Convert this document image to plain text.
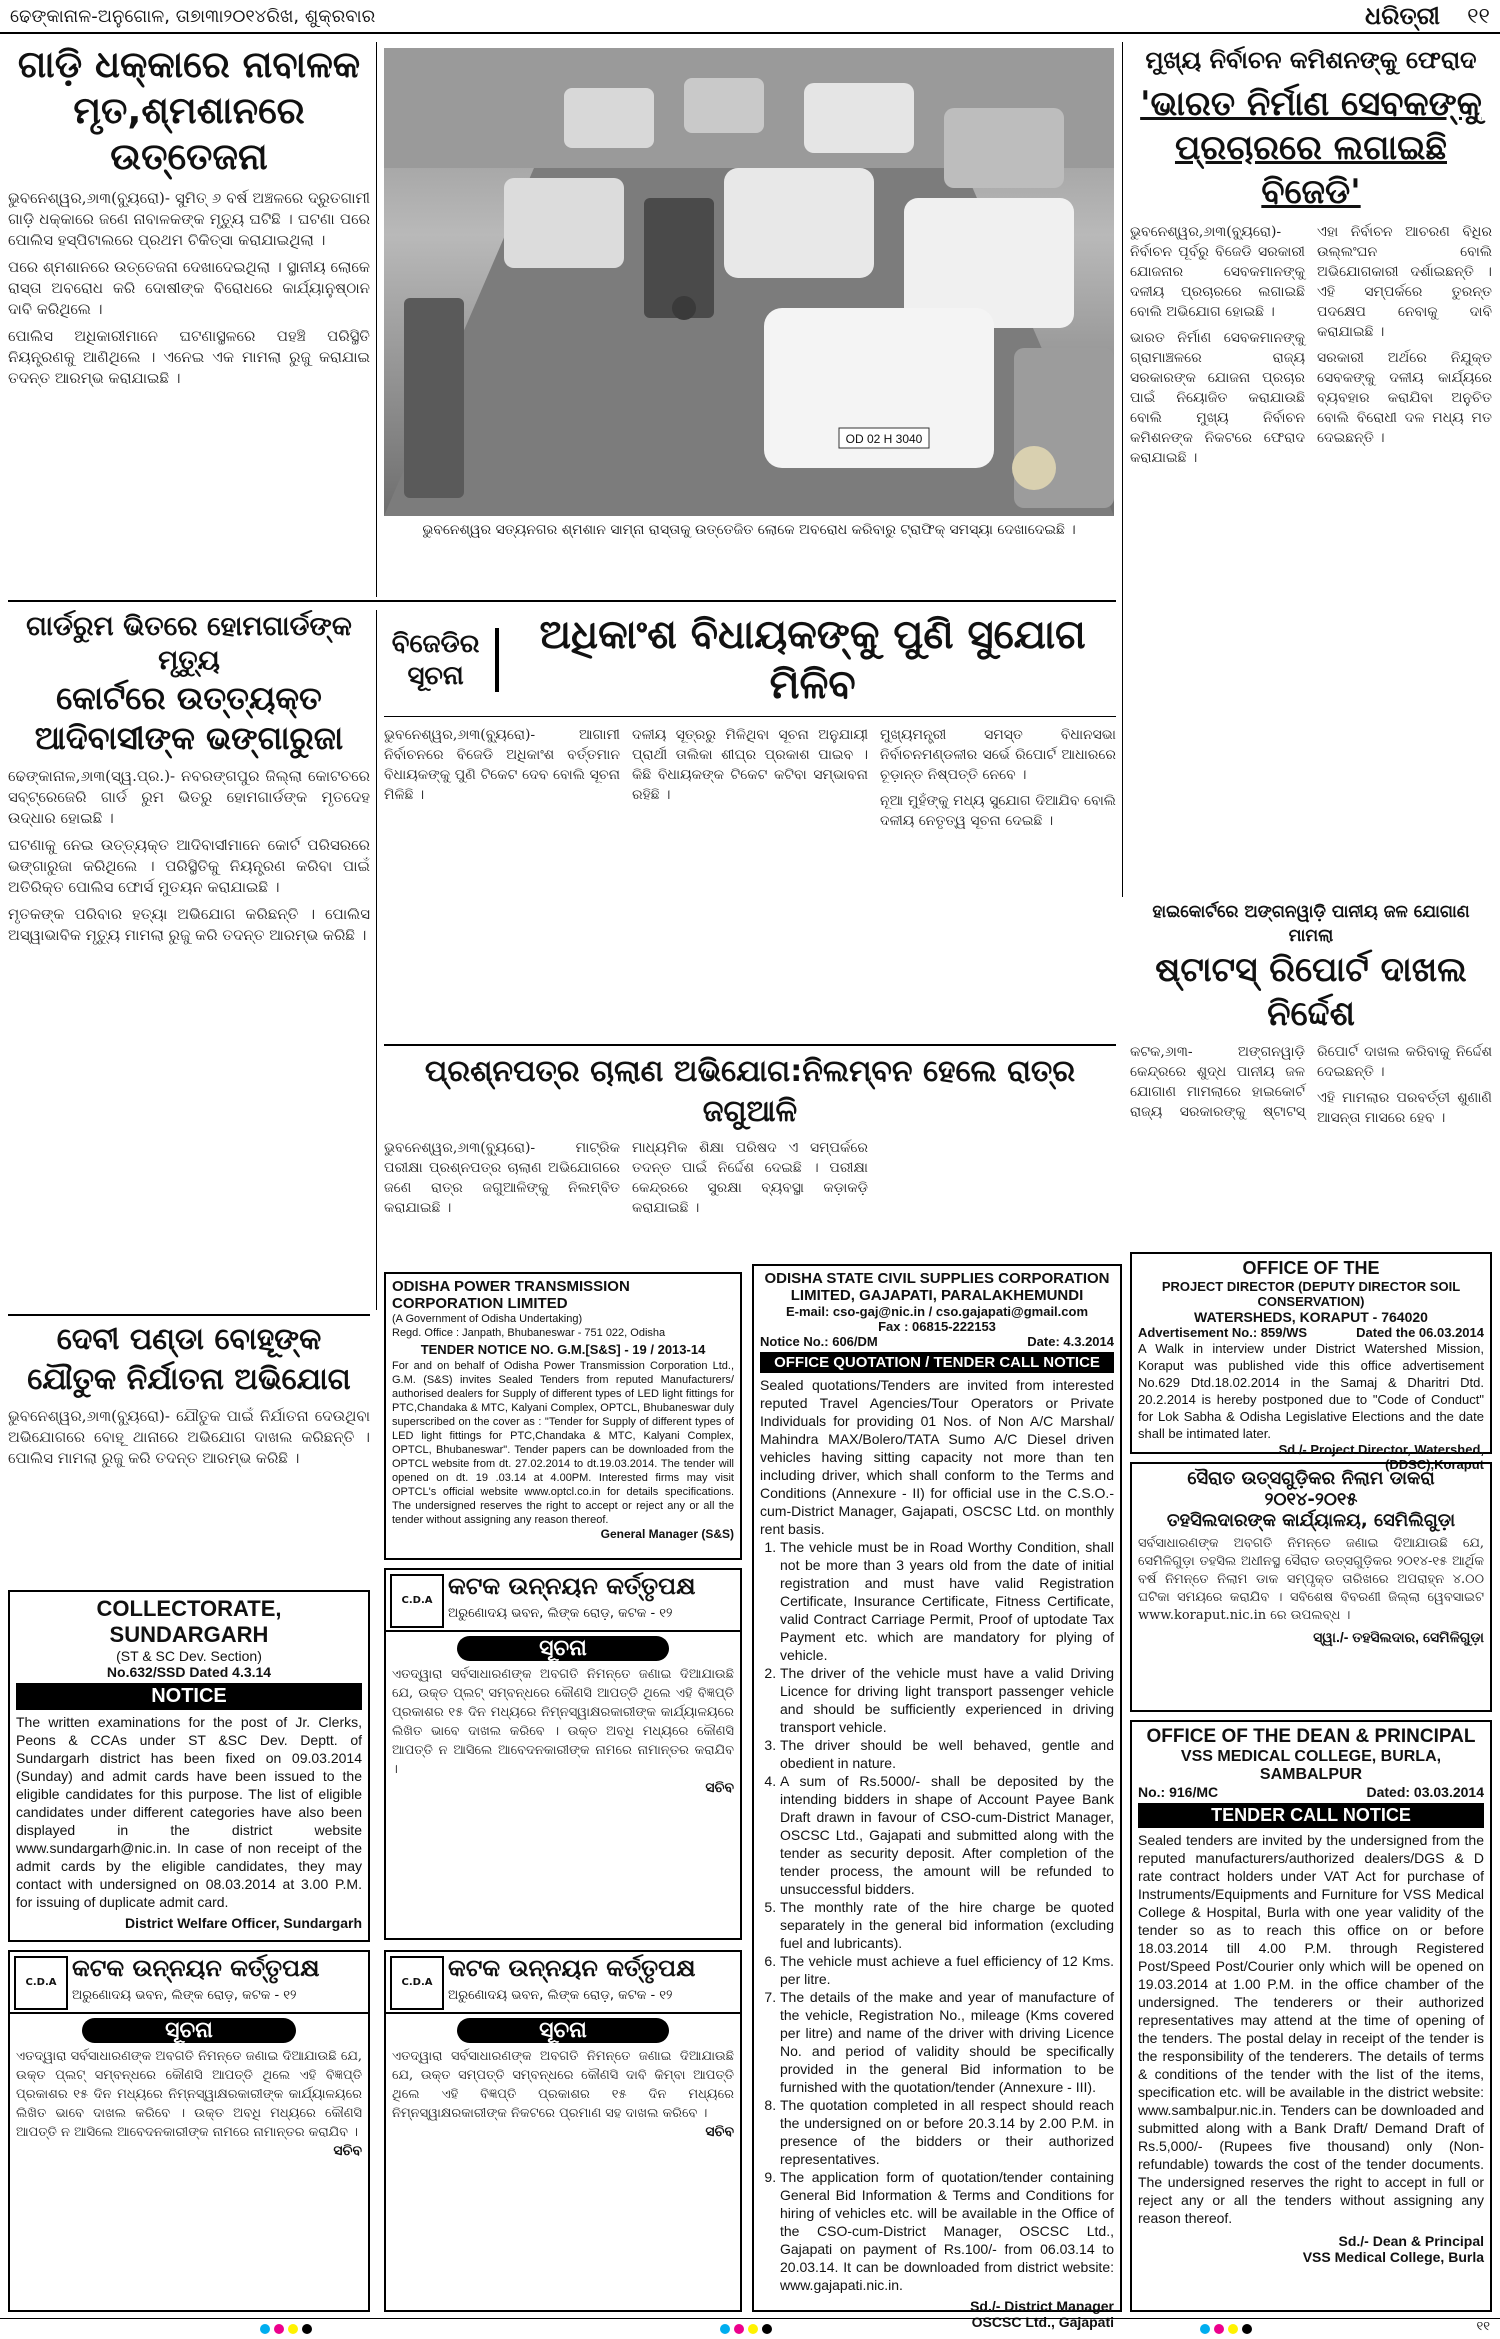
ଢେଙ୍କାନାଳ-ଅନୁଗୋଳ, ତା୭ା୩ା୨୦୧୪ରିଖ, ଶୁକ୍ରବାର	ଧରିତ୍ରୀ ୧୧
ଗାଡ଼ି ଧକ୍କାରେ ନାବାଳକ ମୃତ,ଶ୍ମଶାନରେ ଉତ୍ତେଜନା

ଭୁବନେଶ୍ୱର,୬ା୩(ବ୍ୟୁରୋ)- ସୁମିତ୍ ୬ ବର୍ଷ ଅଞ୍ଚଳରେ ଦ୍ରୁତଗାମୀ ଗାଡ଼ି ଧକ୍କାରେ ଜଣେ ନାବାଳକଙ୍କ ମୃତ୍ୟୁ ଘଟିଛି । ଘଟଣା ପରେ ପୋଲିସ ହସ୍ପିଟାଲରେ ପ୍ରଥମ ଚିକିତ୍ସା କରାଯାଇଥିଲା ।

ପରେ ଶ୍ମଶାନରେ ଉତ୍ତେଜନା ଦେଖାଦେଇଥିଲା । ସ୍ଥାନୀୟ ଲୋକେ ରାସ୍ତା ଅବରୋଧ କରି ଦୋଷୀଙ୍କ ବିରୋଧରେ କାର୍ଯ୍ୟାନୁଷ୍ଠାନ ଦାବି କରିଥିଲେ ।

ପୋଲିସ ଅଧିକାରୀମାନେ ଘଟଣାସ୍ଥଳରେ ପହଞ୍ଚି ପରିସ୍ଥିତି ନିୟନ୍ତ୍ରଣକୁ ଆଣିଥିଲେ । ଏନେଇ ଏକ ମାମଲା ରୁଜୁ କରାଯାଇ ତଦନ୍ତ ଆରମ୍ଭ କରାଯାଇଛି ।

OD 02 H 3040
ଭୁବନେଶ୍ୱର ସତ୍ୟନଗର ଶ୍ମଶାନ ସାମ୍ନା ରାସ୍ତାକୁ ଉତ୍ତେଜିତ ଲୋକେ ଅବରୋଧ କରିବାରୁ ଟ୍ରାଫିକ୍ ସମସ୍ୟା ଦେଖାଦେଇଛି ।
ମୁଖ୍ୟ ନିର୍ବାଚନ କମିଶନଙ୍କୁ ଫେରାଦ
'ଭାରତ ନିର୍ମାଣ ସେବକଙ୍କୁ ପ୍ରଚାରରେ ଲଗାଇଛି ବିଜେଡି'

ଭୁବନେଶ୍ୱର,୬ା୩(ବ୍ୟୁରୋ)- ନିର୍ବାଚନ ପୂର୍ବରୁ ବିଜେଡି ସରକାରୀ ଯୋଜନାର ସେବକମାନଙ୍କୁ ଦଳୀୟ ପ୍ରଚାରରେ ଲଗାଇଛି ବୋଲି ଅଭିଯୋଗ ହୋଇଛି ।

ଭାରତ ନିର୍ମାଣ ସେବକମାନଙ୍କୁ ଗ୍ରାମାଞ୍ଚଳରେ ରାଜ୍ୟ ସରକାରଙ୍କ ଯୋଜନା ପ୍ରଚାର ପାଇଁ ନିୟୋଜିତ କରାଯାଉଛି ବୋଲି ମୁଖ୍ୟ ନିର୍ବାଚନ କମିଶନଙ୍କ ନିକଟରେ ଫେରାଦ କରାଯାଇଛି ।

ଏହା ନିର୍ବାଚନ ଆଚରଣ ବିଧିର ଉଲ୍ଲଂଘନ ବୋଲି ଅଭିଯୋଗକାରୀ ଦର୍ଶାଇଛନ୍ତି । ଏହି ସମ୍ପର୍କରେ ତୁରନ୍ତ ପଦକ୍ଷେପ ନେବାକୁ ଦାବି କରାଯାଇଛି ।

ସରକାରୀ ଅର୍ଥରେ ନିଯୁକ୍ତ ସେବକଙ୍କୁ ଦଳୀୟ କାର୍ଯ୍ୟରେ ବ୍ୟବହାର କରାଯିବା ଅନୁଚିତ ବୋଲି ବିରୋଧୀ ଦଳ ମଧ୍ୟ ମତ ଦେଇଛନ୍ତି ।

ଗାର୍ଡରୁମ ଭିତରେ ହୋମଗାର୍ଡଙ୍କ ମୃତ୍ୟୁ
କୋର୍ଟରେ ଉତ୍ତ୍ୟକ୍ତ ଆଦିବାସୀଙ୍କ ଭଙ୍ଗାରୁଜା

ଢେଙ୍କାନାଳ,୬ା୩(ସ୍ୱ.ପ୍ର.)- ନବରଙ୍ଗପୁର ଜିଲ୍ଲା କୋଟଚରେ ସବ୍‌ଟ୍ରେଜେରି ଗାର୍ଡ ରୁମ ଭିତରୁ ହୋମଗାର୍ଡଙ୍କ ମୃତଦେହ ଉଦ୍ଧାର ହୋଇଛି ।

ଘଟଣାକୁ ନେଇ ଉତ୍ତ୍ୟକ୍ତ ଆଦିବାସୀମାନେ କୋର୍ଟ ପରିସରରେ ଭଙ୍ଗାରୁଜା କରିଥିଲେ । ପରିସ୍ଥିତିକୁ ନିୟନ୍ତ୍ରଣ କରିବା ପାଇଁ ଅତିରିକ୍ତ ପୋଲିସ ଫୋର୍ସ ମୁତୟନ କରାଯାଇଛି ।

ମୃତକଙ୍କ ପରିବାର ହତ୍ୟା ଅଭିଯୋଗ କରିଛନ୍ତି । ପୋଲିସ ଅସ୍ୱାଭାବିକ ମୃତ୍ୟୁ ମାମଲା ରୁଜୁ କରି ତଦନ୍ତ ଆରମ୍ଭ କରିଛି ।

ବିଜେଡିର ସୂଚନା
ଅଧିକାଂଶ ବିଧାୟକଙ୍କୁ ପୁଣି ସୁଯୋଗ ମିଳିବ

ଭୁବନେଶ୍ୱର,୬ା୩(ବ୍ୟୁରୋ)- ଆଗାମୀ ନିର୍ବାଚନରେ ବିଜେଡି ଅଧିକାଂଶ ବର୍ତ୍ତମାନ ବିଧାୟକଙ୍କୁ ପୁଣି ଟିକେଟ ଦେବ ବୋଲି ସୂଚନା ମିଳିଛି ।

ଦଳୀୟ ସୂତ୍ରରୁ ମିଳିଥିବା ସୂଚନା ଅନୁଯାୟୀ ପ୍ରାର୍ଥୀ ତାଲିକା ଶୀଘ୍ର ପ୍ରକାଶ ପାଇବ । କିଛି ବିଧାୟକଙ୍କ ଟିକେଟ କଟିବା ସମ୍ଭାବନା ରହିଛି ।

ମୁଖ୍ୟମନ୍ତ୍ରୀ ସମସ୍ତ ବିଧାନସଭା ନିର୍ବାଚନମଣ୍ଡଳୀର ସର୍ଭେ ରିପୋର୍ଟ ଆଧାରରେ ଚୂଡ଼ାନ୍ତ ନିଷ୍ପତ୍ତି ନେବେ ।

ନୂଆ ମୁହଁଙ୍କୁ ମଧ୍ୟ ସୁଯୋଗ ଦିଆଯିବ ବୋଲି ଦଳୀୟ ନେତୃତ୍ୱ ସୂଚନା ଦେଇଛି ।

ହାଇକୋର୍ଟରେ ଅଙ୍ଗନୱାଡ଼ି ପାନୀୟ ଜଳ ଯୋଗାଣ ମାମଲା
ଷ୍ଟାଟସ୍ ରିପୋର୍ଟ ଦାଖଲ ନିର୍ଦ୍ଦେଶ

କଟକ,୬ା୩- ଅଙ୍ଗନୱାଡ଼ି କେନ୍ଦ୍ରରେ ଶୁଦ୍ଧ ପାନୀୟ ଜଳ ଯୋଗାଣ ମାମଲାରେ ହାଇକୋର୍ଟ ରାଜ୍ୟ ସରକାରଙ୍କୁ ଷ୍ଟାଟସ୍ ରିପୋର୍ଟ ଦାଖଲ କରିବାକୁ ନିର୍ଦ୍ଦେଶ ଦେଇଛନ୍ତି ।

ଏହି ମାମଲାର ପରବର୍ତ୍ତୀ ଶୁଣାଣି ଆସନ୍ତା ମାସରେ ହେବ ।

ପ୍ରଶ୍ନପତ୍ର ଚାଲାଣ ଅଭିଯୋଗ:ନିଲମ୍ବନ ହେଲେ ରାତ୍ର ଜଗୁଆଳି

ଭୁବନେଶ୍ୱର,୬ା୩(ବ୍ୟୁରୋ)- ମାଟ୍ରିକ ପରୀକ୍ଷା ପ୍ରଶ୍ନପତ୍ର ଚାଲାଣ ଅଭିଯୋଗରେ ଜଣେ ରାତ୍ର ଜଗୁଆଳିଙ୍କୁ ନିଲମ୍ବିତ କରାଯାଇଛି ।

ମାଧ୍ୟମିକ ଶିକ୍ଷା ପରିଷଦ ଏ ସମ୍ପର୍କରେ ତଦନ୍ତ ପାଇଁ ନିର୍ଦ୍ଦେଶ ଦେଇଛି । ପରୀକ୍ଷା କେନ୍ଦ୍ରରେ ସୁରକ୍ଷା ବ୍ୟବସ୍ଥା କଡ଼ାକଡ଼ି କରାଯାଇଛି ।

OFFICE OF THE
PROJECT DIRECTOR (DEPUTY DIRECTOR SOIL CONSERVATION)
WATERSHEDS, KORAPUT - 764020
Advertisement No.: 859/WS	Dated the 06.03.2014
A Walk in interview under District Watershed Mission, Koraput was published vide this office advertisement No.629 Dtd.18.02.2014 in the Samaj & Dharitri Dtd. 20.2.2014 is hereby postponed due to "Code of Conduct" for Lok Sabha & Odisha Legislative Elections and the date shall be intimated later.
Sd./- Project Director, Watershed,
(DDSC),Koraput
ସୈରାତ ଉତ୍ସଗୁଡ଼ିକର ନିଲାମ ଡାକରା ୨୦୧୪-୨୦୧୫
ତହସିଲଦାରଙ୍କ କାର୍ଯ୍ୟାଳୟ, ସେମିଲିଗୁଡ଼ା
ସର୍ବସାଧାରଣଙ୍କ ଅବଗତି ନିମନ୍ତେ ଜଣାଇ ଦିଆଯାଉଛି ଯେ, ସେମିଳିଗୁଡ଼ା ତହସିଲ ଅଧୀନସ୍ଥ ସୈରାତ ଉତ୍ସଗୁଡ଼ିକର ୨୦୧୪-୧୫ ଆର୍ଥିକ ବର୍ଷ ନିମନ୍ତେ ନିଲାମ ଡାକ ସମ୍ପୃକ୍ତ ତାରିଖରେ ଅପରାହ୍ନ ୪.୦୦ ଘଟିକା ସମୟରେ କରାଯିବ । ସବିଶେଷ ବିବରଣୀ ଜିଲ୍ଲା ୱେବସାଇଟ www.koraput.nic.in ରେ ଉପଲବ୍ଧ ।
ସ୍ୱା./- ତହସିଲଦାର, ସେମିଳିଗୁଡ଼ା
OFFICE OF THE DEAN & PRINCIPAL
VSS MEDICAL COLLEGE, BURLA, SAMBALPUR
No.: 916/MC	Dated: 03.03.2014
TENDER CALL NOTICE
Sealed tenders are invited by the undersigned from the reputed manufacturers/authorized dealers/DGS & D rate contract holders under VAT Act for purchase of Instruments/Equipments and Furniture for VSS Medical College & Hospital, Burla with one year validity of the tender so as to reach this office on or before 18.03.2014 till 4.00 P.M. through Registered Post/Speed Post/Courier only which will be opened on 19.03.2014 at 1.00 P.M. in the office chamber of the undersigned. The tenderers or their authorized representatives may attend at the time of opening of the tenders. The postal delay in receipt of the tender is the responsibility of the tenderers. The details of terms & conditions of the tender with the list of the items, specification etc. will be available in the district website: www.sambalpur.nic.in. Tenders can be downloaded and submitted along with a Bank Draft/ Demand Draft of Rs.5,000/- (Rupees five thousand) only (Non-refundable) towards the cost of the tender documents. The undersigned reserves the right to accept in full or reject any or all the tenders without assigning any reason thereof.
Sd./- Dean & Principal
VSS Medical College, Burla
ଦେବୀ ପଣ୍ଡା ବୋହୂଙ୍କ ଯୌତୁକ ନିର୍ଯାତନା ଅଭିଯୋଗ

ଭୁବନେଶ୍ୱର,୬ା୩(ବ୍ୟୁରୋ)- ଯୌତୁକ ପାଇଁ ନିର୍ଯାତନା ଦେଉଥିବା ଅଭିଯୋଗରେ ବୋହୂ ଥାନାରେ ଅଭିଯୋଗ ଦାଖଲ କରିଛନ୍ତି । ପୋଲିସ ମାମଲା ରୁଜୁ କରି ତଦନ୍ତ ଆରମ୍ଭ କରିଛି ।

COLLECTORATE, SUNDARGARH
(ST & SC Dev. Section)
No.632/SSD Dated 4.3.14
NOTICE
The written examinations for the post of Jr. Clerks, Peons & CCAs under ST &SC Dev. Deptt. of Sundargarh district has been fixed on 09.03.2014 (Sunday) and admit cards have been issued to the eligible candidates for this purpose. The list of eligible candidates under different categories have also been displayed in the district website www.sundargarh@nic.in. In case of non receipt of the admit cards by the eligible candidates, they may contact with undersigned on 08.03.2014 at 3.00 P.M. for issuing of duplicate admit card.
District Welfare Officer, Sundargarh
C.D.A
କଟକ ଉନ୍ନୟନ କର୍ତ୍ତୃପକ୍ଷ
ଅରୁଣୋଦୟ ଭବନ, ଲିଙ୍କ ରୋଡ଼, କଟକ - ୧୨
ସୂଚନା
ଏତଦ୍ୱାରା ସର୍ବସାଧାରଣଙ୍କ ଅବଗତି ନିମନ୍ତେ ଜଣାଇ ଦିଆଯାଉଛି ଯେ, ଉକ୍ତ ପ୍ଲଟ୍ ସମ୍ବନ୍ଧରେ କୌଣସି ଆପତ୍ତି ଥିଲେ ଏହି ବିଜ୍ଞପ୍ତି ପ୍ରକାଶର ୧୫ ଦିନ ମଧ୍ୟରେ ନିମ୍ନସ୍ୱାକ୍ଷରକାରୀଙ୍କ କାର୍ଯ୍ୟାଳୟରେ ଲିଖିତ ଭାବେ ଦାଖଲ କରିବେ । ଉକ୍ତ ଅବଧି ମଧ୍ୟରେ କୌଣସି ଆପତ୍ତି ନ ଆସିଲେ ଆବେଦନକାରୀଙ୍କ ନାମରେ ନାମାନ୍ତର କରାଯିବ ।
ସଚିବ
ODISHA POWER TRANSMISSION CORPORATION LIMITED
(A Government of Odisha Undertaking)
Regd. Office : Janpath, Bhubaneswar - 751 022, Odisha
TENDER NOTICE NO. G.M.[S&S] - 19 / 2013-14
For and on behalf of Odisha Power Transmission Corporation Ltd., G.M. (S&S) invites Sealed Tenders from reputed Manufacturers/ authorised dealers for Supply of different types of LED light fittings for PTC,Chandaka & MTC, Kalyani Complex, OPTCL, Bhubaneswar duly superscribed on the cover as : "Tender for Supply of different types of LED light fittings for PTC,Chandaka & MTC, Kalyani Complex, OPTCL, Bhubaneswar". Tender papers can be downloaded from the OPTCL website from dt. 27.02.2014 to dt.19.03.2014. The tender will opened on dt. 19 .03.14 at 4.00PM. Interested firms may visit OPTCL's official website www.optcl.co.in for details specifications. The undersigned reserves the right to accept or reject any or all the tender without assigning any reason thereof.
General Manager (S&S)
C.D.A
କଟକ ଉନ୍ନୟନ କର୍ତ୍ତୃପକ୍ଷ
ଅରୁଣୋଦୟ ଭବନ, ଲିଙ୍କ ରୋଡ଼, କଟକ - ୧୨
ସୂଚନା
ଏତଦ୍ୱାରା ସର୍ବସାଧାରଣଙ୍କ ଅବଗତି ନିମନ୍ତେ ଜଣାଇ ଦିଆଯାଉଛି ଯେ, ଉକ୍ତ ପ୍ଲଟ୍ ସମ୍ବନ୍ଧରେ କୌଣସି ଆପତ୍ତି ଥିଲେ ଏହି ବିଜ୍ଞପ୍ତି ପ୍ରକାଶର ୧୫ ଦିନ ମଧ୍ୟରେ ନିମ୍ନସ୍ୱାକ୍ଷରକାରୀଙ୍କ କାର୍ଯ୍ୟାଳୟରେ ଲିଖିତ ଭାବେ ଦାଖଲ କରିବେ । ଉକ୍ତ ଅବଧି ମଧ୍ୟରେ କୌଣସି ଆପତ୍ତି ନ ଆସିଲେ ଆବେଦନକାରୀଙ୍କ ନାମରେ ନାମାନ୍ତର କରାଯିବ ।
ସଚିବ
C.D.A
କଟକ ଉନ୍ନୟନ କର୍ତ୍ତୃପକ୍ଷ
ଅରୁଣୋଦୟ ଭବନ, ଲିଙ୍କ ରୋଡ଼, କଟକ - ୧୨
ସୂଚନା
ଏତଦ୍ୱାରା ସର୍ବସାଧାରଣଙ୍କ ଅବଗତି ନିମନ୍ତେ ଜଣାଇ ଦିଆଯାଉଛି ଯେ, ଉକ୍ତ ସମ୍ପତ୍ତି ସମ୍ବନ୍ଧରେ କୌଣସି ଦାବି କିମ୍ବା ଆପତ୍ତି ଥିଲେ ଏହି ବିଜ୍ଞପ୍ତି ପ୍ରକାଶର ୧୫ ଦିନ ମଧ୍ୟରେ ନିମ୍ନସ୍ୱାକ୍ଷରକାରୀଙ୍କ ନିକଟରେ ପ୍ରମାଣ ସହ ଦାଖଲ କରିବେ ।
ସଚିବ
ODISHA STATE CIVIL SUPPLIES CORPORATION LIMITED, GAJAPATI, PARALAKHEMUNDI
E-mail: cso-gaj@nic.in / cso.gajapati@gmail.com
Fax : 06815-222153
Notice No.: 606/DM	Date: 4.3.2014
OFFICE QUOTATION / TENDER CALL NOTICE
Sealed quotations/Tenders are invited from interested reputed Travel Agencies/Tour Operators or Private Individuals for providing 01 Nos. of Non A/C Marshal/ Mahindra MAX/Bolero/TATA Sumo A/C Diesel driven vehicles having sitting capacity not more than ten including driver, which shall conform to the Terms and Conditions (Annexure - II) for official use in the C.S.O.-cum-District Manager, Gajapati, OSCSC Ltd. on monthly rent basis.
1. The vehicle must be in Road Worthy Condition, shall not be more than 3 years old from the date of initial registration and must have valid Registration Certificate, Insurance Certificate, Fitness Certificate, valid Contract Carriage Permit, Proof of uptodate Tax Payment etc. which are mandatory for plying of vehicle.
2. The driver of the vehicle must have a valid Driving Licence for driving light transport passenger vehicle and should be sufficiently experienced in driving transport vehicle.
3. The driver should be well behaved, gentle and obedient in nature.
4. A sum of Rs.5000/- shall be deposited by the intending bidders in shape of Account Payee Bank Draft drawn in favour of CSO-cum-District Manager, OSCSC Ltd., Gajapati and submitted along with the tender as security deposit. After completion of the tender process, the amount will be refunded to unsuccessful bidders.
5. The monthly rate of the hire charge be quoted separately in the general bid information (excluding fuel and lubricants).
6. The vehicle must achieve a fuel efficiency of 12 Kms. per litre.
7. The details of the make and year of manufacture of the vehicle, Registration No., mileage (Kms covered per litre) and name of the driver with driving Licence No. and period of validity should be specifically provided in the general Bid information to be furnished with the quotation/tender (Annexure - III).
8. The quotation completed in all respect should reach the undersigned on or before 20.3.14 by 2.00 P.M. in presence of the bidders or their authorized representatives.
9. The application form of quotation/tender containing General Bid Information & Terms and Conditions for hiring of vehicles etc. will be available in the Office of the CSO-cum-District Manager, OSCSC Ltd., Gajapati on payment of Rs.100/- from 06.03.14 to 20.03.14. It can be downloaded from district website: www.gajapati.nic.in.
Sd./- District Manager
OSCSC Ltd., Gajapati	୧୧
